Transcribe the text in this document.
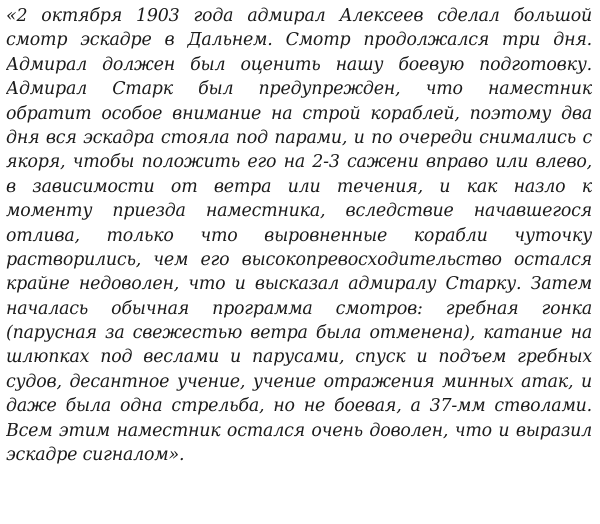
«2 октября 1903 года адмирал Алексеев сделал большой
смотр эскадре в Дальнем. Смотр продолжался три дня.
Адмирал должен был оценить нашу боевую подготовку.
Адмирал Старк был предупрежден, что наместник
обратит особое внимание на строй кораблей, поэтому два
дня вся эскадра стояла под парами, и по очереди снимались с
якоря, чтобы положить его на 2-3 сажени вправо или влево,
в зависимости от ветра или течения, и как назло к
моменту приезда наместника, вследствие начавшегося
отлива, только что выровненные корабли чуточку
растворились, чем его высокопревосходительство остался
крайне недоволен, что и высказал адмиралу Старку. Затем
началась обычная программа смотров: гребная гонка
(парусная за свежестью ветра была отменена), катание на
шлюпках под веслами и парусами, спуск и подъем гребных
судов, десантное учение, учение отражения минных атак, и
даже была одна стрельба, но не боевая, а 37-мм стволами.
Всем этим наместник остался очень доволен, что и выразил
эскадре сигналом».
